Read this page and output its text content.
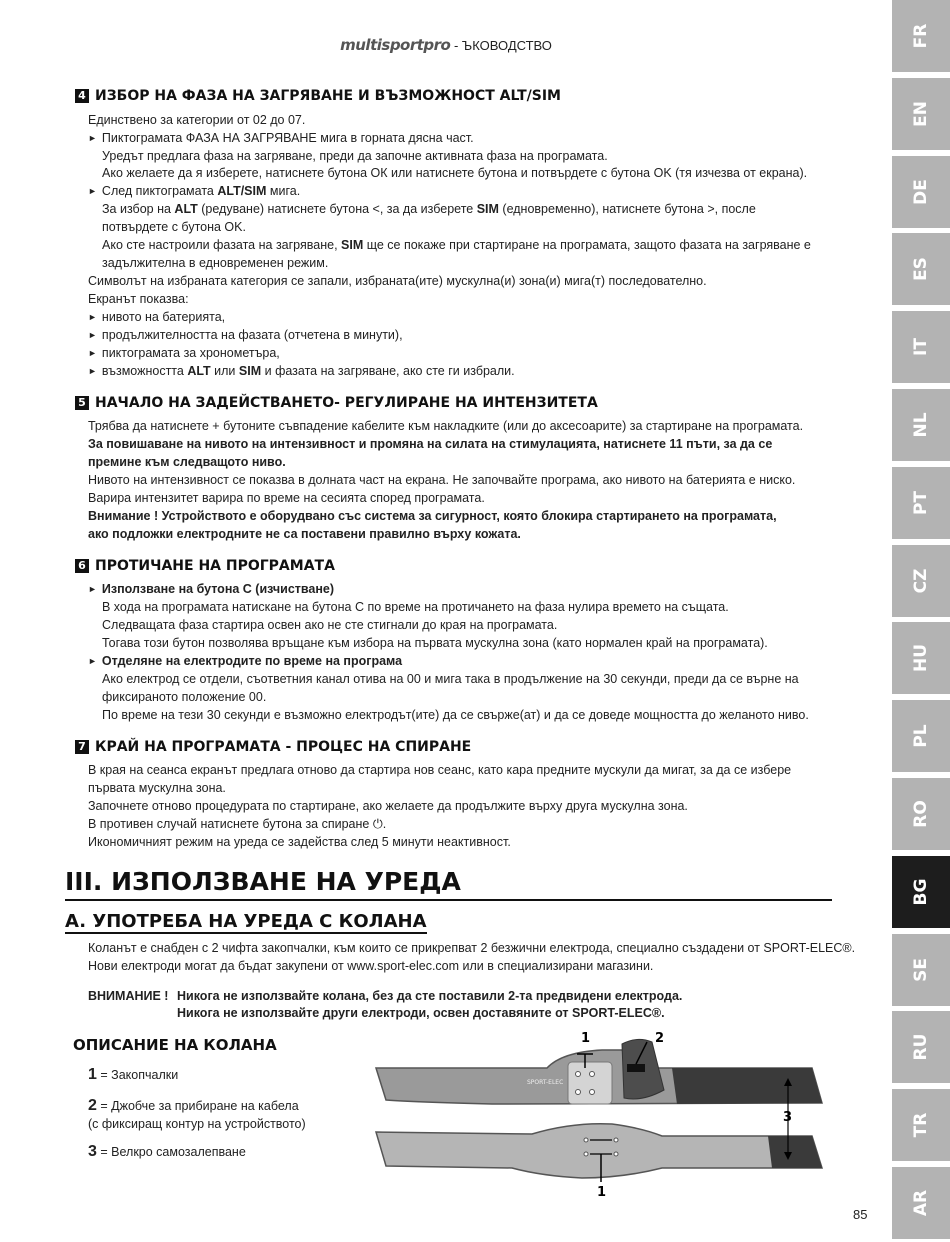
multisportpro - ЪКОВОДСТВО	FR
EN
DE
ES
IT
NL
PT
CZ
HU
PL
RO
BG
SE
RU
TR
AR
4 ИЗБОР НА ФАЗА НА ЗАГРЯВАНЕ И ВЪЗМОЖНОСТ ALT/SIM
Единствено за категории от 02 до 07.
► Пиктограмата ФАЗА НА ЗАГРЯВАНЕ мига в горната дясна част.
Уредът предлага фаза на загряване, преди да започне активната фаза на програмата.
Ако желаете да я изберете, натиснете бутона ОК или натиснете бутона и потвърдете с бутона OK (тя изчезва от екрана).
► След пиктограмата ALT/SIM мига.
За избор на ALT (редуване) натиснете бутона <, за да изберете SIM (едновременно), натиснете бутона >, после
потвърдете с бутона OK.
Ако сте настроили фазата на загряване, SIM ще се покаже при стартиране на програмата, защото фазата на загряване е
задължителна в едновременен режим.
Символът на избраната категория се запали, избраната(ите) мускулна(и) зона(и) мига(т) последователно.
Екранът показва:
► нивото на батерията,
► продължителността на фазата (отчетена в минути),
► пиктограмата за хронометъра,
► възможността ALT или SIM и фазата на загряване, ако сте ги избрали.
5 НАЧАЛО НА ЗАДЕЙСТВАНЕТО- РЕГУЛИРАНЕ НА ИНТЕНЗИТЕТА
Трябва да натиснете + бутоните съвпадение кабелите към накладките (или до аксесоарите) за стартиране на програмата.
За повишаване на нивото на интензивност и промяна на силата на стимулацията, натиснете 11 пъти, за да се
премине към следващото ниво.
Нивото на интензивност се показва в долната част на екрана. Не започвайте програма, ако нивото на батерията е ниско.
Варира интензитет варира по време на сесията според програмата.
Внимание ! Устройството е оборудвано със система за сигурност, която блокира стартирането на програмата,
ако подложки електродните не са поставени правилно върху кожата.
6 ПРОТИЧАНЕ НА ПРОГРАМАТА
► Използване на бутона C (изчистване)
В хода на програмата натискане на бутона C по време на протичането на фаза нулира времето на същата.
Следващата фаза стартира освен ако не сте стигнали до края на програмата.
Тогава този бутон позволява връщане към избора на първата мускулна зона (като нормален край на програмата).
► Отделяне на електродите по време на програма
Ако електрод се отдели, съответния канал отива на 00 и мига така в продължение на 30 секунди, преди да се върне на
фиксираното положение 00.
По време на тези 30 секунди е възможно електродът(ите) да се свърже(ат) и да се доведе мощността до желаното ниво.
7 КРАЙ НА ПРОГРАМАТА - ПРОЦЕС НА СПИРАНЕ
В края на сеанса екранът предлага отново да стартира нов сеанс, като кара предните мускули да мигат, за да се избере
първата мускулна зона.
Започнете отново процедурата по стартиране, ако желаете да продължите върху друга мускулна зона.
В противен случай натиснете бутона за спиране ⏻.
Икономичният режим на уреда се задейства след 5 минути неактивност.
III. ИЗПОЛЗВАНЕ НА УРЕДА
A. УПОТРЕБА НА УРЕДА С КОЛАНА
Коланът е снабден с 2 чифта закопчалки, към които се прикрепват 2 безжични електрода, специално създадени от SPORT-ELEC®.
Нови електроди могат да бъдат закупени от www.sport-elec.com или в специализирани магазини.
ВНИМАНИЕ ! Никога не използвайте колана, без да сте поставили 2-та предвидени електрода.
Никога не използвайте други електроди, освен доставяните от SPORT-ELEC®.
ОПИСАНИЕ НА КОЛАНА
1 = Закопчалки
2 = Джобче за прибиране на кабела
(с фиксиращ контур на устройството)
3 = Велкро самозалепване
SPORT-ELEC
1	2
3
1
85
